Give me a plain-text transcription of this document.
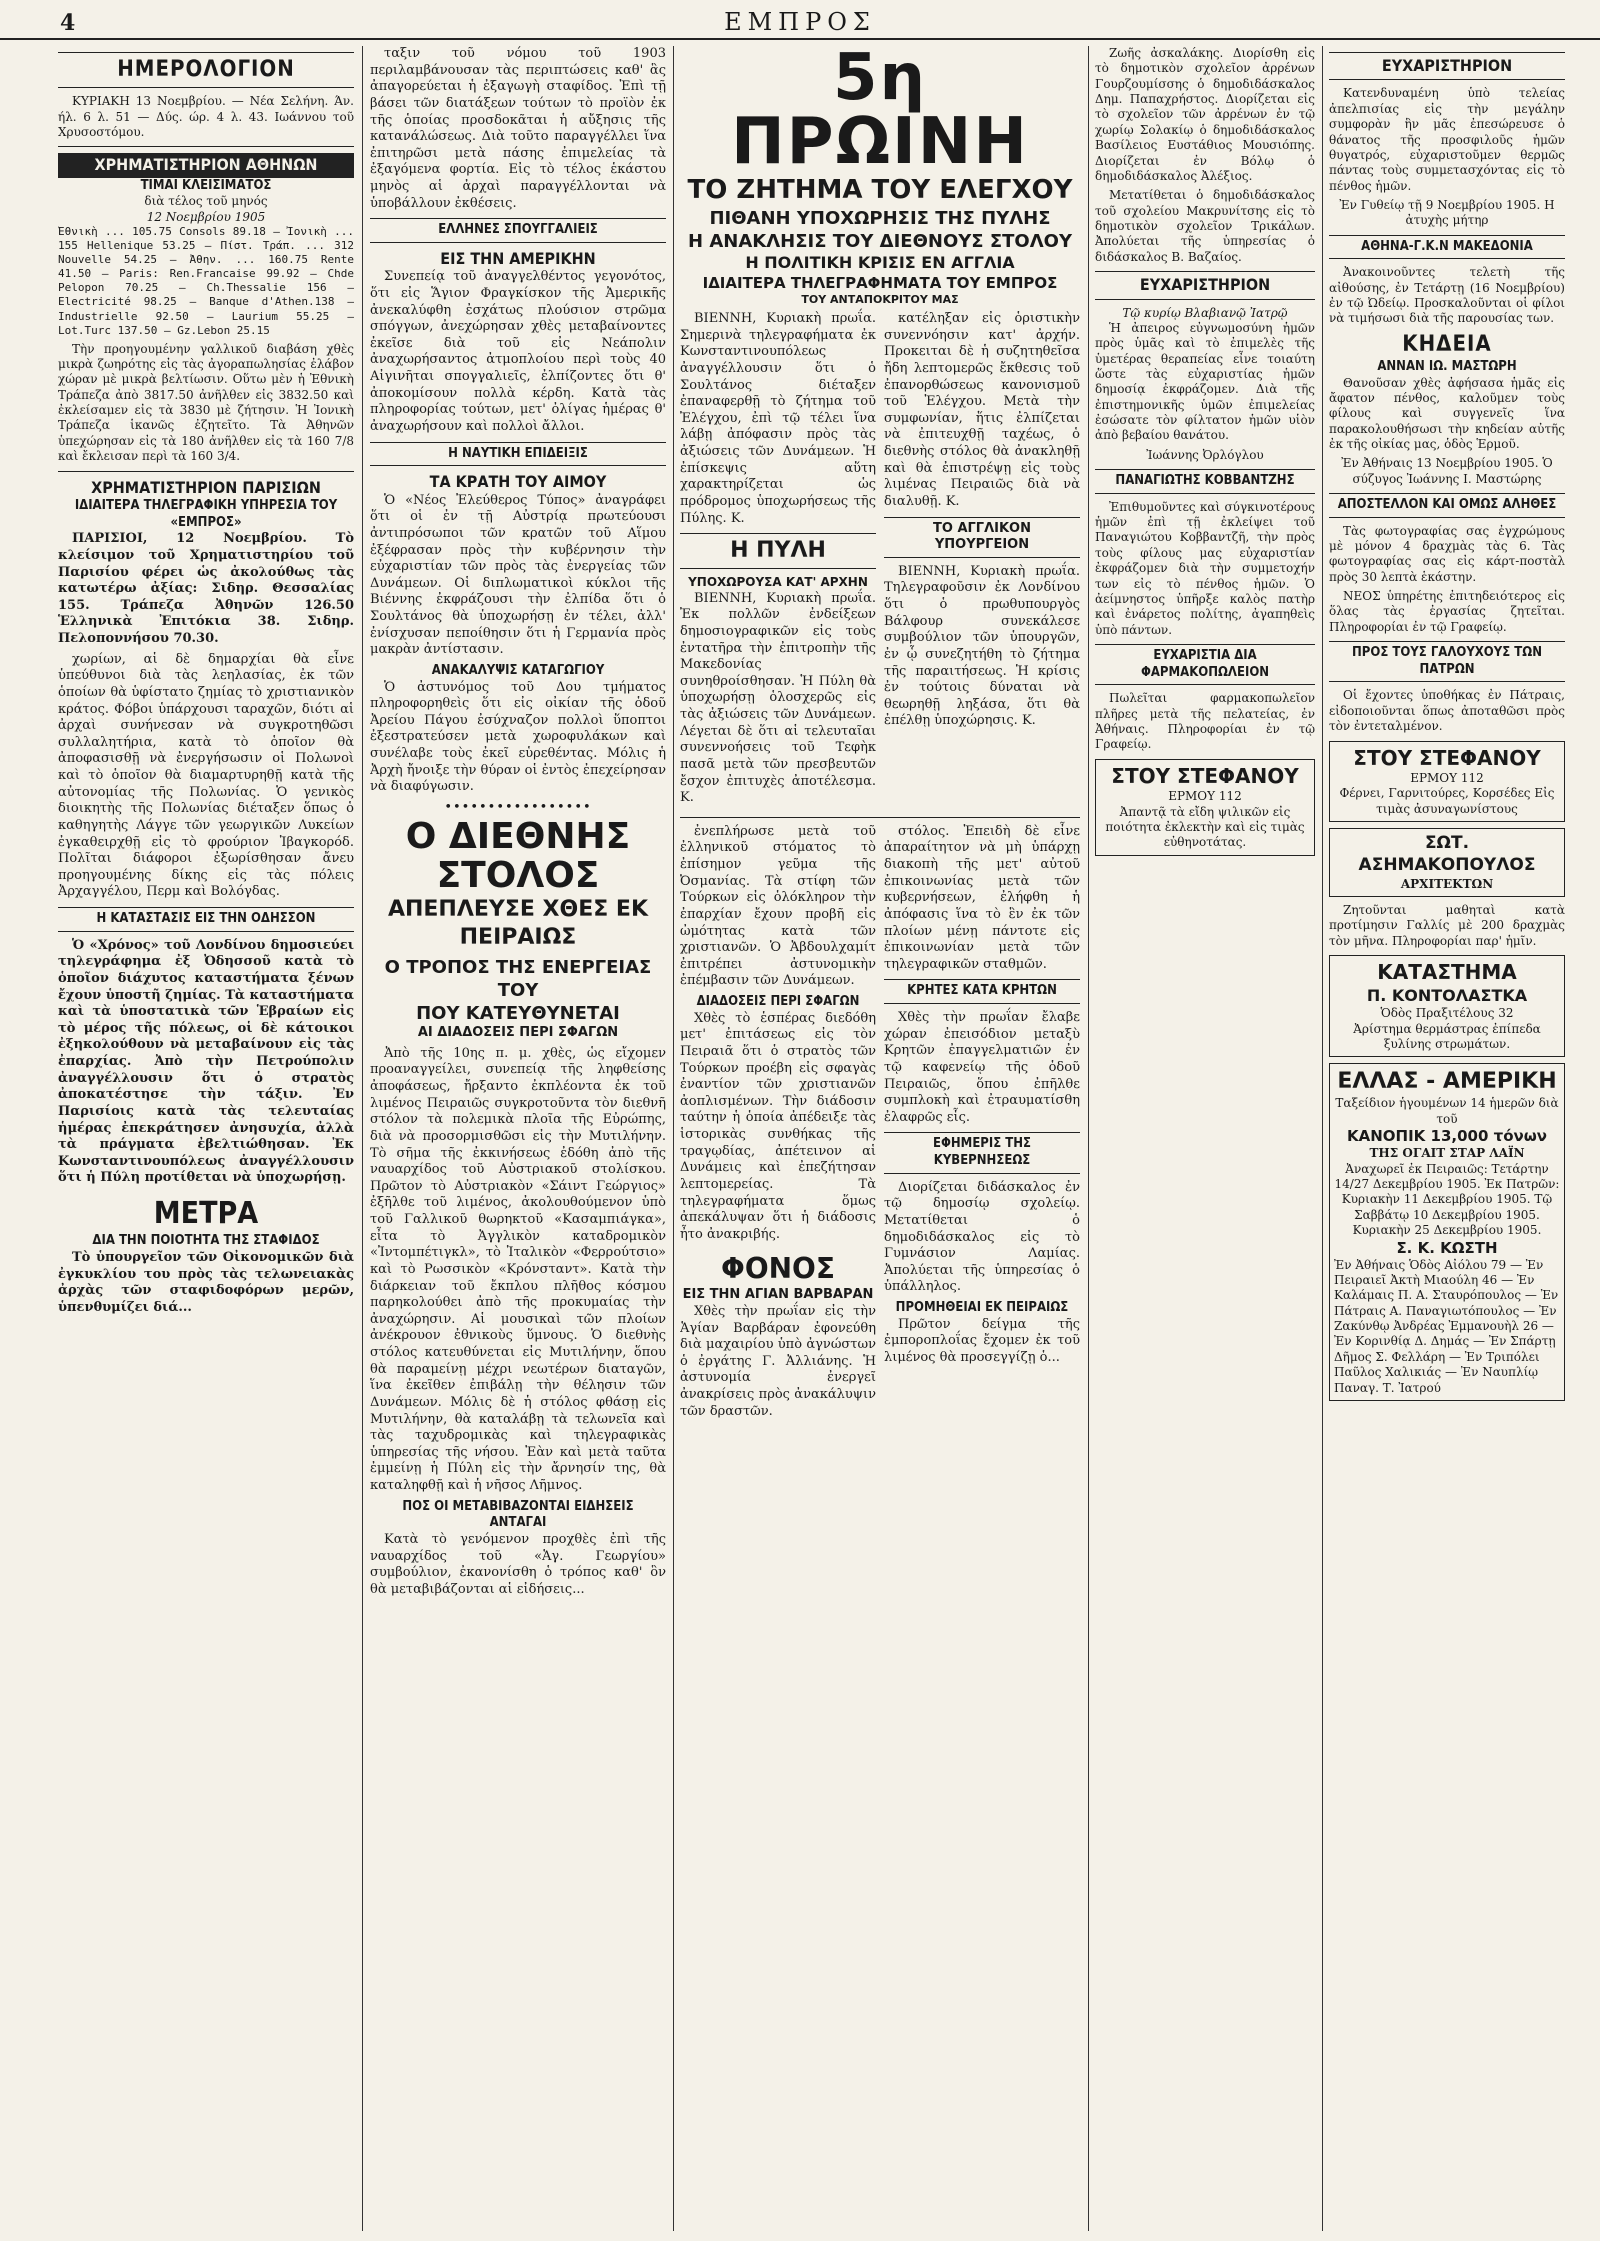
4	ΕΜΠΡΟΣ
ΗΜΕΡΟΛΟΓΙΟΝ

ΚΥΡΙΑΚΗ 13 Νοεμβρίου. — Νέα Σελήνη. Άν. ήλ. 6 λ. 51 — Δύς. ώρ. 4 λ. 43. Ιωάννου τοῦ Χρυσοστόμου.

ΧΡΗΜΑΤΙΣΤΗΡΙΟΝ ΑΘΗΝΩΝ
ΤΙΜΑΙ ΚΛΕΙΣΙΜΑΤΟΣ
διὰ τέλος τοῦ μηνός
12 Νοεμβρίου 1905

Ἐθνικὴ ... 105.75 Consols 89.18 — Ἰονικὴ ... 155 Hellenique 53.25 — Πίστ. Τράπ. ... 312 Nouvelle 54.25 — Ἀθην. ... 160.75 Rente 41.50 — Paris: Ren.Francaise 99.92 — Chde Pelopon 70.25 — Ch.Thessalie 156 — Electricité 98.25 — Banque d'Athen.138 — Industrielle 92.50 — Laurium 55.25 — Lot.Turc 137.50 — Gz.Lebon 25.15

Τὴν προηγουμένην γαλλικοῦ διαβάση χθὲς μικρὰ ζωηρότης εἰς τὰς ἀγοραπωλησίας ἐλάβον χώραν μὲ μικρὰ βελτίωσιν. Οὕτω μὲν ἡ Ἐθνικὴ Τράπεζα ἀπὸ 3817.50 ἀνῆλθεν εἰς 3832.50 καὶ ἐκλείσαμεν εἰς τὰ 3830 μὲ ζήτησιν. Ἡ Ἰονικὴ Τράπεζα ἱκανῶς ἐζητεῖτο. Τὰ Ἀθηνῶν ὑπεχώρησαν εἰς τὰ 180 ἀνῆλθεν εἰς τὰ 160 7/8 καὶ ἔκλεισαν περὶ τὰ 160 3/4.

ΧΡΗΜΑΤΙΣΤΗΡΙΟΝ ΠΑΡΙΣΙΩΝ
ΙΔΙΑΙΤΕΡΑ ΤΗΛΕΓΡΑΦΙΚΗ ΥΠΗΡΕΣΙΑ ΤΟΥ «ΕΜΠΡΟΣ»

ΠΑΡΙΣΙΟΙ, 12 Νοεμβρίου. Τὸ κλείσιμον τοῦ Χρηματιστηρίου τοῦ Παρισίου φέρει ὡς ἀκολούθως τὰς κατωτέρω ἀξίας: Σιδηρ. Θεσσαλίας 155. Τράπεζα Ἀθηνῶν 126.50 Ἑλληνικὰ Ἐπιτόκια 38. Σιδηρ. Πελοποννήσου 70.30.

χωρίων, αἱ δὲ δημαρχίαι θὰ εἶνε ὑπεύθυνοι διὰ τὰς λεηλασίας, ἐκ τῶν ὁποίων θὰ ὑφίστατο ζημίας τὸ χριστιανικὸν κράτος. Φόβοι ὑπάρχουσι ταραχῶν, διότι αἱ ἀρχαὶ συνήνεσαν νὰ συγκροτηθῶσι συλλαλητήρια, κατὰ τὸ ὁποῖον θὰ ἀποφασισθῇ νὰ ἐνεργήσωσιν οἱ Πολωνοὶ καὶ τὸ ὁποῖον θὰ διαμαρτυρηθῇ κατὰ τῆς αὐτονομίας τῆς Πολωνίας. Ὁ γενικὸς διοικητὴς τῆς Πολωνίας διέταξεν ὅπως ὁ καθηγητὴς Λάγγε τῶν γεωργικῶν Λυκείων ἐγκαθειρχθῇ εἰς τὸ φρούριον Ἰβαγκορόδ. Πολῖται διάφοροι ἐξωρίσθησαν ἄνευ προηγουμένης δίκης εἰς τὰς πόλεις Ἀρχαγγέλου, Περμ καὶ Βολόγδας.

Η ΚΑΤΑΣΤΑΣΙΣ ΕΙΣ ΤΗΝ ΟΔΗΣΣΟΝ

Ὁ «Χρόνος» τοῦ Λονδίνου δημοσιεύει τηλεγράφημα ἐξ Ὀδησσοῦ κατὰ τὸ ὁποῖον διάχυτος καταστήματα ξένων ἔχουν ὑποστῆ ζημίας. Τὰ καταστήματα καὶ τὰ ὑποστατικὰ τῶν Ἑβραίων εἰς τὸ μέρος τῆς πόλεως, οἱ δὲ κάτοικοι ἐξηκολούθουν νὰ μεταβαίνουν εἰς τὰς ἐπαρχίας. Ἀπὸ τὴν Πετρούπολιν ἀναγγέλλουσιν ὅτι ὁ στρατὸς ἀποκατέστησε τὴν τάξιν. Ἐν Παρισίοις κατὰ τὰς τελευταίας ἡμέρας ἐπεκράτησεν ἀνησυχία, ἀλλὰ τὰ πράγματα ἐβελτιώθησαν. Ἐκ Κωνσταντινουπόλεως ἀναγγέλλουσιν ὅτι ἡ Πύλη προτίθεται νὰ ὑποχωρήσῃ.

ΜΕΤΡΑ
ΔΙΑ ΤΗΝ ΠΟΙΟΤΗΤΑ ΤΗΣ ΣΤΑΦΙΔΟΣ

Τὸ ὑπουργεῖον τῶν Οἰκονομικῶν διὰ ἐγκυκλίου του πρὸς τὰς τελωνειακὰς ἀρχὰς τῶν σταφιδοφόρων μερῶν, ὑπενθυμίζει διά...

ταξιν τοῦ νόμου τοῦ 1903 περιλαμβάνουσαν τὰς περιπτώσεις καθ' ἃς ἀπαγορεύεται ἡ ἐξαγωγὴ σταφίδος. Ἐπὶ τῇ βάσει τῶν διατάξεων τούτων τὸ προϊὸν ἐκ τῆς ὁποίας προσδοκᾶται ἡ αὔξησις τῆς κατανάλώσεως. Διὰ τοῦτο παραγγέλλει ἵνα ἐπιτηρῶσι μετὰ πάσης ἐπιμελείας τὰ ἐξαγόμενα φορτία. Εἰς τὸ τέλος ἑκάστου μηνὸς αἱ ἀρχαὶ παραγγέλλονται νὰ ὑποβάλλουν ἐκθέσεις.

ΕΛΛΗΝΕΣ ΣΠΟΥΓΓΑΛΙΕΙΣ
ΕΙΣ ΤΗΝ ΑΜΕΡΙΚΗΝ

Συνεπείᾳ τοῦ ἀναγγελθέντος γεγονότος, ὅτι εἰς Ἅγιον Φραγκίσκον τῆς Ἀμερικῆς ἀνεκαλύφθη ἐσχάτως πλούσιον στρῶμα σπόγγων, ἀνεχώρησαν χθὲς μεταβαίνοντες ἐκεῖσε διὰ τοῦ εἰς Νεάπολιν ἀναχωρήσαντος ἀτμοπλοίου περὶ τοὺς 40 Αἰγινῆται σπογγαλιεῖς, ἐλπίζοντες ὅτι θ' ἀποκομίσουν πολλὰ κέρδη. Κατὰ τὰς πληροφορίας τούτων, μετ' ὀλίγας ἡμέρας θ' ἀναχωρήσουν καὶ πολλοὶ ἄλλοι.

Η ΝΑΥΤΙΚΗ ΕΠΙΔΕΙΞΙΣ
ΤΑ ΚΡΑΤΗ ΤΟΥ ΑΙΜΟΥ

Ὁ «Νέος Ἐλεύθερος Τύπος» ἀναγράφει ὅτι οἱ ἐν τῇ Αὐστρίᾳ πρωτεύουσι ἀντιπρόσωποι τῶν κρατῶν τοῦ Αἵμου ἐξέφρασαν πρὸς τὴν κυβέρνησιν τὴν εὐχαριστίαν τῶν πρὸς τὰς ἐνεργείας τῶν Δυνάμεων. Οἱ διπλωματικοὶ κύκλοι τῆς Βιέννης ἐκφράζουσι τὴν ἐλπίδα ὅτι ὁ Σουλτάνος θὰ ὑποχωρήσῃ ἐν τέλει, ἀλλ' ἐνίσχυσαν πεποίθησιν ὅτι ἡ Γερμανία πρὸς μακρὰν ἀντίστασιν.

ΑΝΑΚΑΛΥΨΙΣ ΚΑΤΑΓΩΓΙΟΥ

Ὁ ἀστυνόμος τοῦ Δου τμήματος πληροφορηθεὶς ὅτι εἰς οἰκίαν τῆς ὁδοῦ Ἀρείου Πάγου ἐσύχναζον πολλοὶ ὕποπτοι ἐξεστρατεύσεν μετὰ χωροφυλάκων καὶ συνέλαβε τοὺς ἐκεῖ εὑρεθέντας. Μόλις ἡ Ἀρχὴ ἤνοιξε τὴν θύραν οἱ ἐντὸς ἐπεχείρησαν νὰ διαφύγωσιν.

•••••••••••••••••
Ο ΔΙΕΘΝΗΣ ΣΤΟΛΟΣ
ΑΠΕΠΛΕΥΣΕ ΧΘΕΣ ΕΚ ΠΕΙΡΑΙΩΣ
Ο ΤΡΟΠΟΣ ΤΗΣ ΕΝΕΡΓΕΙΑΣ ΤΟΥ
ΠΟΥ ΚΑΤΕΥΘΥΝΕΤΑΙ
ΑΙ ΔΙΑΔΟΣΕΙΣ ΠΕΡΙ ΣΦΑΓΩΝ

Ἀπὸ τῆς 10ης π. μ. χθὲς, ὡς εἴχομεν προαναγγείλει, συνεπείᾳ τῆς ληφθείσης ἀποφάσεως, ἤρξαντο ἐκπλέοντα ἐκ τοῦ λιμένος Πειραιῶς συγκροτοῦντα τὸν διεθνῆ στόλον τὰ πολεμικὰ πλοῖα τῆς Εὐρώπης, διὰ νὰ προσορμισθῶσι εἰς τὴν Μυτιλήνην. Τὸ σῆμα τῆς ἐκκινήσεως ἐδόθη ἀπὸ τῆς ναυαρχίδος τοῦ Αὐστριακοῦ στολίσκου. Πρῶτον τὸ Αὐστριακὸν «Σάιντ Γεώργιος» ἐξῆλθε τοῦ λιμένος, ἀκολουθούμενον ὑπὸ τοῦ Γαλλικοῦ θωρηκτοῦ «Κασαμπιάγκα», εἶτα τὸ Ἀγγλικὸν καταδρομικὸν «Ἰντομπέτιγκλ», τὸ Ἰταλικὸν «Φερρούτσιο» καὶ τὸ Ρωσσικὸν «Κρόνσταντ». Κατὰ τὴν διάρκειαν τοῦ ἔκπλου πλῆθος κόσμου παρηκολούθει ἀπὸ τῆς προκυμαίας τὴν ἀναχώρησιν. Αἱ μουσικαὶ τῶν πλοίων ἀνέκρουον ἐθνικοὺς ὕμνους. Ὁ διεθνὴς στόλος κατευθύνεται εἰς Μυτιλήνην, ὅπου θὰ παραμείνῃ μέχρι νεωτέρων διαταγῶν, ἵνα ἐκεῖθεν ἐπιβάλῃ τὴν θέλησιν τῶν Δυνάμεων. Μόλις δὲ ἡ στόλος φθάσῃ εἰς Μυτιλήνην, θὰ καταλάβῃ τὰ τελωνεῖα καὶ τὰς ταχυδρομικὰς καὶ τηλεγραφικὰς ὑπηρεσίας τῆς νήσου. Ἐὰν καὶ μετὰ ταῦτα ἐμμείνῃ ἡ Πύλη εἰς τὴν ἄρνησίν της, θὰ καταληφθῇ καὶ ἡ νῆσος Λῆμνος.

ΠΟΣ ΟΙ ΜΕΤΑΒΙΒΑΖΟΝΤΑΙ ΕΙΔΗΣΕΙΣ
ΑΝΤΑΓΑΙ

Κατὰ τὸ γενόμενον προχθὲς ἐπὶ τῆς ναυαρχίδος τοῦ «Ἁγ. Γεωργίου» συμβούλιον, ἐκανονίσθη ὁ τρόπος καθ' ὃν θὰ μεταβιβάζονται αἱ εἰδήσεις...

5η ΠΡΩΙΝΗ
ΤΟ ΖΗΤΗΜΑ ΤΟΥ ΕΛΕΓΧΟΥ
ΠΙΘΑΝΗ ΥΠΟΧΩΡΗΣΙΣ ΤΗΣ ΠΥΛΗΣ
Η ΑΝΑΚΛΗΣΙΣ ΤΟΥ ΔΙΕΘΝΟΥΣ ΣΤΟΛΟΥ
Η ΠΟΛΙΤΙΚΗ ΚΡΙΣΙΣ ΕΝ ΑΓΓΛΙΑ
ΙΔΙΑΙΤΕΡΑ ΤΗΛΕΓΡΑΦΗΜΑΤΑ ΤΟΥ ΕΜΠΡΟΣ
ΤΟΥ ΑΝΤΑΠΟΚΡΙΤΟΥ ΜΑΣ

ΒΙΕΝΝΗ, Κυριακὴ πρωΐα. Σημερινὰ τηλεγραφήματα ἐκ Κωνσταντινουπόλεως ἀναγγέλλουσιν ὅτι ὁ Σουλτάνος διέταξεν ἐπαναφερθῇ τὸ ζήτημα τοῦ Ἐλέγχου, ἐπὶ τῷ τέλει ἵνα λάβῃ ἀπόφασιν πρὸς τὰς ἀξιώσεις τῶν Δυνάμεων. Ἡ ἐπίσκεψις αὕτη χαρακτηρίζεται ὡς πρόδρομος ὑποχωρήσεως τῆς Πύλης. Κ.

Η ΠΥΛΗ
ΥΠΟΧΩΡΟΥΣΑ ΚΑΤ' ΑΡΧΗΝ

ΒΙΕΝΝΗ, Κυριακὴ πρωΐα. Ἐκ πολλῶν ἐνδείξεων δημοσιογραφικῶν εἰς τοὺς ἐντατῆρα τὴν ἐπιτροπὴν τῆς Μακεδονίας συνηθροίσθησαν. Ἡ Πύλη θὰ ὑποχωρήσῃ ὁλοσχερῶς εἰς τὰς ἀξιώσεις τῶν Δυνάμεων. Λέγεται δὲ ὅτι αἱ τελευταῖαι συνεννοήσεις τοῦ Τεφὴκ πασᾶ μετὰ τῶν πρεσβευτῶν ἔσχον ἐπιτυχὲς ἀποτέλεσμα. Κ.

κατέληξαν εἰς ὁριστικὴν συνεννόησιν κατ' ἀρχήν. Προκειται δὲ ἡ συζητηθεῖσα ἤδη λεπτομερῶς ἔκθεσις τοῦ ἐπανορθώσεως κανονισμοῦ τοῦ Ἐλέγχου. Μετὰ τὴν συμφωνίαν, ἥτις ἐλπίζεται νὰ ἐπιτευχθῇ ταχέως, ὁ διεθνὴς στόλος θὰ ἀνακληθῇ καὶ θὰ ἐπιστρέψῃ εἰς τοὺς λιμένας Πειραιῶς διὰ νὰ διαλυθῇ. Κ.

ΤΟ ΑΓΓΛΙΚΟΝ ΥΠΟΥΡΓΕΙΟΝ

ΒΙΕΝΝΗ, Κυριακὴ πρωΐα. Τηλεγραφοῦσιν ἐκ Λονδίνου ὅτι ὁ πρωθυπουργὸς Βάλφουρ συνεκάλεσε συμβούλιον τῶν ὑπουργῶν, ἐν ᾧ συνεζητήθη τὸ ζήτημα τῆς παραιτήσεως. Ἡ κρίσις ἐν τούτοις δύναται νὰ θεωρηθῇ ληξάσα, ὅτι θὰ ἐπέλθῃ ὑποχώρησις. Κ.

ἐνεπλήρωσε μετὰ τοῦ ἐλληνικοῦ στόματος τὸ ἐπίσημον γεῦμα τῆς Ὀσμανίας. Τὰ στίφη τῶν Τούρκων εἰς ὁλόκληρον τὴν ἐπαρχίαν ἔχουν προβῆ εἰς ὠμότητας κατὰ τῶν χριστιανῶν. Ὁ Ἀβδουλχαμίτ ἐπιτρέπει ἀστυνομικὴν ἐπέμβασιν τῶν Δυνάμεων.

ΔΙΑΔΟΣΕΙΣ ΠΕΡΙ ΣΦΑΓΩΝ

Χθὲς τὸ ἑσπέρας διεδόθη μετ' ἐπιτάσεως εἰς τὸν Πειραιᾶ ὅτι ὁ στρατὸς τῶν Τούρκων προέβη εἰς σφαγὰς ἐναντίον τῶν χριστιανῶν ἀοπλισμένων. Τὴν διάδοσιν ταύτην ἡ ὁποία ἀπέδειξε τὰς ἱστορικὰς συνθήκας τῆς τραγῳδίας, ἀπέτεινον αἱ Δυνάμεις καὶ ἐπεζήτησαν λεπτομερείας. Τὰ τηλεγραφήματα ὅμως ἀπεκάλυψαν ὅτι ἡ διάδοσις ἦτο ἀνακριβής.

ΦΟΝΟΣ
ΕΙΣ ΤΗΝ ΑΓΙΑΝ ΒΑΡΒΑΡΑΝ

Χθὲς τὴν πρωΐαν εἰς τὴν Ἁγίαν Βαρβάραν ἐφονεύθη διὰ μαχαιρίου ὑπὸ ἀγνώστων ὁ ἐργάτης Γ. Ἀλλιάνης. Ἡ ἀστυνομία ἐνεργεῖ ἀνακρίσεις πρὸς ἀνακάλυψιν τῶν δραστῶν.

στόλος. Ἐπειδὴ δὲ εἶνε ἀπαραίτητον νὰ μὴ ὑπάρχῃ διακοπὴ τῆς μετ' αὐτοῦ ἐπικοινωνίας μετὰ τῶν κυβερνήσεων, ἐλήφθη ἡ ἀπόφασις ἵνα τὸ ἓν ἐκ τῶν πλοίων μένῃ πάντοτε εἰς ἐπικοινωνίαν μετὰ τῶν τηλεγραφικῶν σταθμῶν.

ΚΡΗΤΕΣ ΚΑΤΑ ΚΡΗΤΩΝ

Χθὲς τὴν πρωΐαν ἔλαβε χώραν ἐπεισόδιον μεταξὺ Κρητῶν ἐπαγγελματιῶν ἐν τῷ καφενείῳ τῆς ὁδοῦ Πειραιῶς, ὅπου ἐπῆλθε συμπλοκὴ καὶ ἐτραυματίσθη ἐλαφρῶς εἷς.

ΕΦΗΜΕΡΙΣ ΤΗΣ ΚΥΒΕΡΝΗΣΕΩΣ

Διορίζεται διδάσκαλος ἐν τῷ δημοσίῳ σχολείῳ. Μετατίθεται ὁ δημοδιδάσκαλος εἰς τὸ Γυμνάσιον Λαμίας. Ἀπολύεται τῆς ὑπηρεσίας ὁ ὑπάλληλος.

ΠΡΟΜΗΘΕΙΑΙ ΕΚ ΠΕΙΡΑΙΩΣ

Πρῶτον δείγμα τῆς ἐμποροπλοΐας ἔχομεν ἐκ τοῦ λιμένος θὰ προσεγγίζῃ ὁ...

Ζωῆς ἀσκαλάκης. Διορίσθη εἰς τὸ δημοτικὸν σχολεῖον ἀρρένων Γουρζουμίσσης ὁ δημοδιδάσκαλος Δημ. Παπαχρήστος. Διορίζεται εἰς τὸ σχολεῖον τῶν ἀρρένων ἐν τῷ χωρίῳ Σολακίῳ ὁ δημοδιδάσκαλος Βασίλειος Ευστάθιος Μουσιόπης. Διορίζεται ἐν Βόλῳ ὁ δημοδιδάσκαλος Ἀλέξιος.

Μετατίθεται ὁ δημοδιδάσκαλος τοῦ σχολείου Μακρυνίτσης εἰς τὸ δημοτικὸν σχολεῖον Τρικάλων. Ἀπολύεται τῆς ὑπηρεσίας ὁ διδάσκαλος Β. Βαζαίος.

ΕΥΧΑΡΙΣΤΗΡΙΟΝ
Τῷ κυρίῳ Βλαβιανῷ Ἰατρῷ

Ἡ ἀπειρος εὐγνωμοσύνη ἡμῶν πρὸς ὑμᾶς καὶ τὸ ἐπιμελὲς τῆς ὑμετέρας θεραπείας εἶνε τοιαύτη ὥστε τὰς εὐχαριστίας ἡμῶν δημοσίᾳ ἐκφράζομεν. Διὰ τῆς ἐπιστημονικῆς ὑμῶν ἐπιμελείας ἐσώσατε τὸν φίλτατον ἡμῶν υἱὸν ἀπὸ βεβαίου θανάτου.

Ἰωάννης Ὀρλόγλου
ΠΑΝΑΓΙΩΤΗΣ ΚΟΒΒΑΝΤΖΗΣ

Ἐπιθυμοῦντες καὶ σύγκινοτέρους ἡμῶν ἐπὶ τῇ ἐκλείψει τοῦ Παναγιώτου Κοββαντζῆ, τὴν πρὸς τοὺς φίλους μας εὐχαριστίαν ἐκφράζομεν διὰ τὴν συμμετοχήν των εἰς τὸ πένθος ἡμῶν. Ὁ ἀείμνηστος ὑπῆρξε καλὸς πατὴρ καὶ ἐνάρετος πολίτης, ἀγαπηθεὶς ὑπὸ πάντων.

ΕΥΧΑΡΙΣΤΙΑ ΔΙΑ ΦΑΡΜΑΚΟΠΩΛΕΙΟΝ

Πωλεῖται φαρμακοπωλεῖον πλῆρες μετὰ τῆς πελατείας, ἐν Ἀθήναις. Πληροφορίαι ἐν τῷ Γραφείῳ.

ΣΤΟΥ ΣΤΕΦΑΝΟΥ
ΕΡΜΟΥ 112
Ἀπαντᾷ τὰ εἴδη ψιλικῶν εἰς ποιότητα ἐκλεκτὴν καὶ εἰς τιμὰς εὐθηνοτάτας.
ΕΥΧΑΡΙΣΤΗΡΙΟΝ

Κατενδυναμένη ὑπὸ τελείας ἀπελπισίας εἰς τὴν μεγάλην συμφορὰν ἣν μᾶς ἐπεσώρευσε ὁ θάνατος τῆς προσφιλοῦς ἡμῶν θυγατρός, εὐχαριστοῦμεν θερμῶς πάντας τοὺς συμμετασχόντας εἰς τὸ πένθος ἡμῶν.

Ἐν Γυθείῳ τῇ 9 Νοεμβρίου 1905. Η ἀτυχὴς μήτηρ
ΑΘΗΝΑ-Γ.Κ.Ν ΜΑΚΕΔΟΝΙΑ

Ἀνακοινοῦντες τελετὴ τῆς αἰθούσης, ἐν Τετάρτῃ (16 Νοεμβρίου) ἐν τῷ Ὠδείῳ. Προσκαλοῦνται οἱ φίλοι νὰ τιμήσωσι διὰ τῆς παρουσίας των.

ΚΗΔΕΙΑ
ΑΝΝΑΝ ΙΩ. ΜΑΣΤΩΡΗ

Θανοῦσαν χθὲς ἀφήσασα ἡμᾶς εἰς ἄφατον πένθος, καλοῦμεν τοὺς φίλους καὶ συγγενεῖς ἵνα παρακολουθήσωσι τὴν κηδείαν αὐτῆς ἐκ τῆς οἰκίας μας, ὁδὸς Ἑρμοῦ.

Ἐν Ἀθήναις 13 Νοεμβρίου 1905. Ὁ σύζυγος Ἰωάννης Ι. Μαστώρης
ΑΠΟΣΤΕΛΛΟΝ ΚΑΙ ΟΜΩΣ ΑΛΗΘΕΣ

Τὰς φωτογραφίας σας ἐγχρώμους μὲ μόνον 4 δραχμὰς τὰς 6. Τὰς φωτογραφίας σας εἰς κάρτ-ποστὰλ πρὸς 30 λεπτὰ ἑκάστην.

ΝΕΟΣ ὑπηρέτης ἐπιτηδειότερος εἰς ὅλας τὰς ἐργασίας ζητεῖται. Πληροφορίαι ἐν τῷ Γραφείῳ.

ΠΡΟΣ ΤΟΥΣ ΓΑΛΟΥΧΟΥΣ ΤΩΝ ΠΑΤΡΩΝ

Οἱ ἔχοντες ὑποθήκας ἐν Πάτραις, εἰδοποιοῦνται ὅπως ἀποταθῶσι πρὸς τὸν ἐντεταλμένον.

ΣΤΟΥ ΣΤΕΦΑΝΟΥ
ΕΡΜΟΥ 112
Φέρνει, Γαρνιτούρες, Κορσέδες Εἰς τιμὰς ἀσυναγωνίστους
ΣΩΤ. ΑΣΗΜΑΚΟΠΟΥΛΟΣ
ΑΡΧΙΤΕΚΤΩΝ

Ζητοῦνται μαθηταὶ κατὰ προτίμησιν Γαλλίς μὲ 200 δραχμὰς τὸν μῆνα. Πληροφορίαι παρ' ἡμῖν.

ΚΑΤΑΣΤΗΜΑ
Π. ΚΟΝΤΟΛΑΣΤΚΑ
Ὁδὸς Πραξιτέλους 32
Ἀρίστημα θερμάστρας ἐπίπεδα ξυλίνης στρωμάτων.
ΕΛΛΑΣ - ΑΜΕΡΙΚΗ
Ταξείδιον ἡγουμένων 14 ἡμερῶν διὰ τοῦ
ΚΑΝΟΠΙΚ 13,000 τόνων
ΤΗΣ ΟΓΑΙΤ ΣΤΑΡ ΛΑΪΝ
Ἀναχωρεῖ ἐκ Πειραιῶς: Τετάρτην 14/27 Δεκεμβρίου 1905. Ἐκ Πατρῶν: Κυριακὴν 11 Δεκεμβρίου 1905. Τῷ Σαββάτῳ 10 Δεκεμβρίου 1905. Κυριακὴν 25 Δεκεμβρίου 1905.
Σ. Κ. ΚΩΣΤΗ
Ἐν Ἀθήναις Ὁδὸς Αἰόλου 79 — Ἐν Πειραιεῖ Ἀκτὴ Μιαούλη 46 — Ἐν Καλάμαις Π. Α. Σταυρόπουλος — Ἐν Πάτραις Α. Παναγιωτόπουλος — Ἐν Ζακύνθῳ Ἀνδρέας Ἐμμανουὴλ 26 — Ἐν Κορινθίᾳ Δ. Δημάς — Ἐν Σπάρτῃ Δῆμος Σ. Φελλάρη — Ἐν Τριπόλει Παῦλος Χαλικιάς — Ἐν Ναυπλίῳ Παναγ. Τ. Ἰατρού
